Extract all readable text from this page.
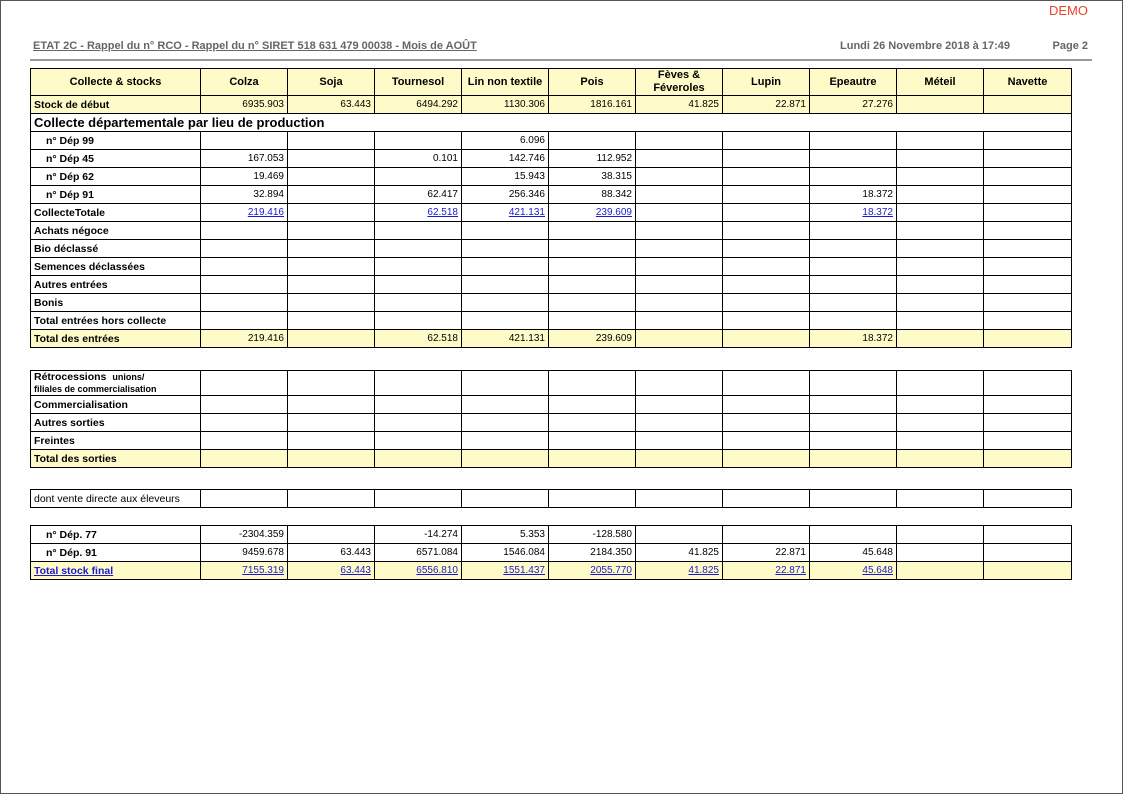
DEMO
ETAT 2C - Rappel du n° RCO - Rappel du n° SIRET 518 631 479 00038 - Mois de AOÛT	Lundi 26 Novembre 2018 à 17:49	Page 2
Collecte & stocks	Colza	Soja	Tournesol	Lin non textile	Pois	Fèves & Féveroles	Lupin	Epeautre	Méteil	Navette
Stock de début	6935.903	63.443	6494.292	1130.306	1816.161	41.825	22.871	27.276		
Collecte départementale par lieu de production										
n° Dép 99				6.096						
n° Dép 45	167.053		0.101	142.746	112.952					
n° Dép 62	19.469			15.943	38.315					
n° Dép 91	32.894		62.417	256.346	88.342			18.372		
CollecteTotale	219.416		62.518	421.131	239.609			18.372		
Achats négoce										
Bio déclassé										
Semences déclassées										
Autres entrées										
Bonis										
Total entrées hors collecte										
Total des entrées	219.416		62.518	421.131	239.609			18.372		
Rétrocessions unions/
filiales de commercialisation										
Commercialisation										
Autres sorties										
Freintes										
Total des sorties										
dont vente directe aux éleveurs										
n° Dép. 77	-2304.359		-14.274	5.353	-128.580					
n° Dép. 91	9459.678	63.443	6571.084	1546.084	2184.350	41.825	22.871	45.648		
Total stock final	7155.319	63.443	6556.810	1551.437	2055.770	41.825	22.871	45.648		
